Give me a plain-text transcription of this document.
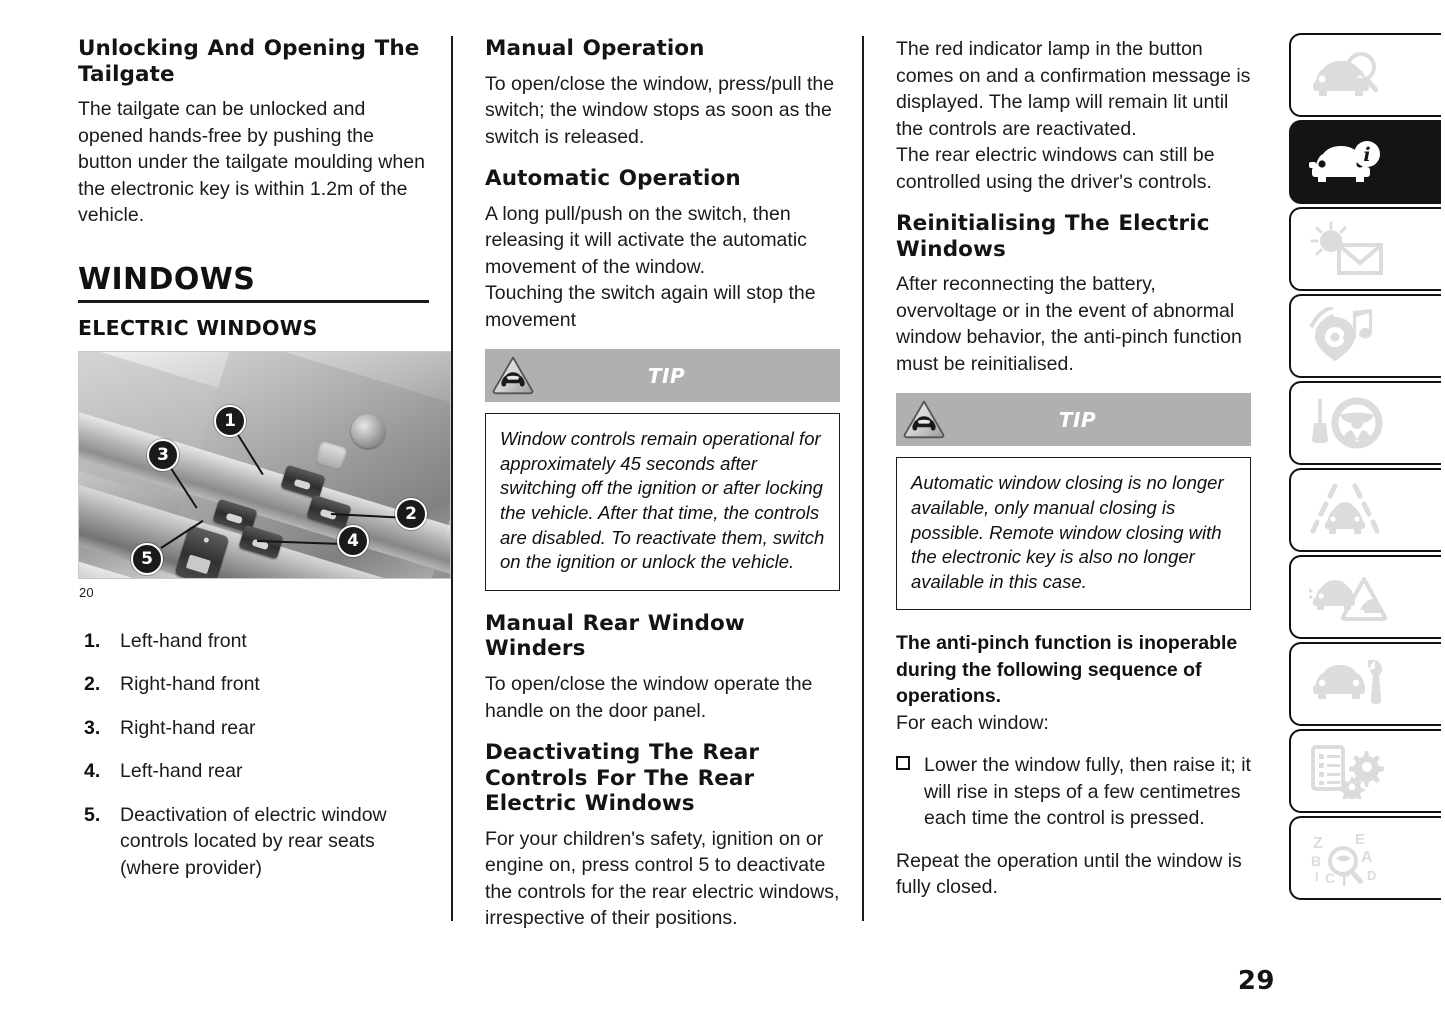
Unlocking And Opening The Tailgate

The tailgate can be unlocked and opened hands-free by pushing the button under the tailgate moulding when the electronic key is within 1.2m of the vehicle.

WINDOWS
ELECTRIC WINDOWS
1
2
3
4
5
20
1. Left-hand front
2. Right-hand front
3. Right-hand rear
4. Left-hand rear
5. Deactivation of electric window controls located by rear seats (where provider)
Manual Operation

To open/close the window, press/pull the switch; the window stops as soon as the switch is released.

Automatic Operation

A long pull/push on the switch, then releasing it will activate the automatic movement of the window.

Touching the switch again will stop the movement

TIP

Window controls remain operational for approximately 45 seconds after switching off the ignition or after locking the vehicle. After that time, the controls are disabled. To reactivate them, switch on the ignition or unlock the vehicle.

Manual Rear Window Winders

To open/close the window operate the handle on the door panel.

Deactivating The Rear Controls For The Rear Electric Windows

For your children's safety, ignition on or engine on, press control 5 to deactivate the controls for the rear electric windows, irrespective of their positions.

The red indicator lamp in the button comes on and a confirmation message is displayed. The lamp will remain lit until the controls are reactivated.

The rear electric windows can still be controlled using the driver's controls.

Reinitialising The Electric Windows

After reconnecting the battery, overvoltage or in the event of abnormal window behavior, the anti-pinch function must be reinitialised.

TIP

Automatic window closing is no longer available, only manual closing is possible. Remote window closing with the electronic key is also no longer available in this case.

The anti-pinch function is inoperable during the following sequence of operations.

For each window:

Lower the window fully, then raise it; it will rise in steps of a few centimetres each time the control is pressed.

Repeat the operation until the window is fully closed.

i
Z
B
I C T
E
A
D
29
